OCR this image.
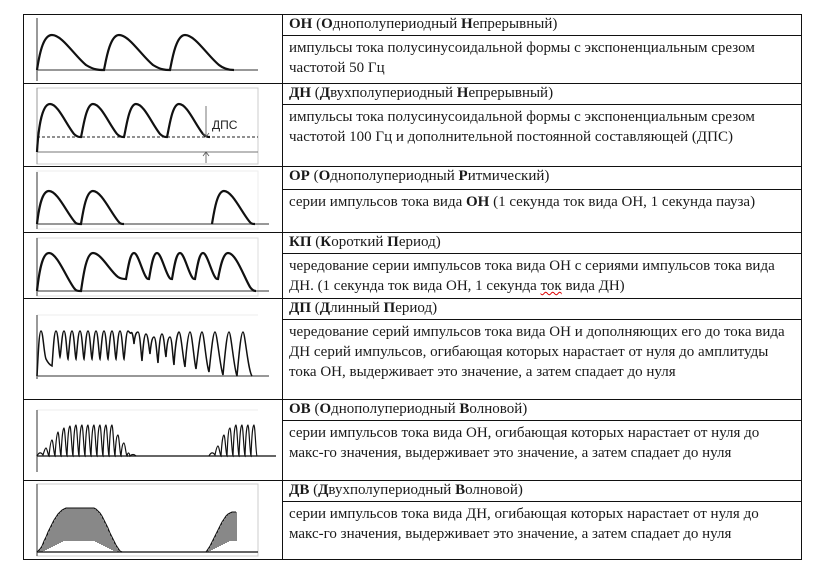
ОН (Однополупериодный Непрерывный)
импульсы тока полусинусоидальной формы с экспоненциальным срезом частотой 50 Гц
ДПС
ДН (Двухполупериодный Непрерывный)
импульсы тока полусинусоидальной формы с экспоненциальным срезом частотой 100 Гц и дополнительной постоянной составляющей (ДПС)
ОР (Однополупериодный Ритмический)
серии импульсов тока вида ОН (1 секунда ток вида ОН, 1 секунда пауза)
КП (Короткий Период)
чередование серии импульсов тока вида ОН с сериями импульсов тока вида ДН. (1 секунда ток вида ОН, 1 секунда ток вида ДН)
ДП (Длинный Период)
чередование серий импульсов тока вида ОН и дополняющих его до тока вида ДН серий импульсов, огибающая которых нарастает от нуля до амплитуды тока ОН, выдерживает это значение, а затем спадает до нуля
ОВ (Однополупериодный Волновой)
серии импульсов тока вида ОН, огибающая которых нарастает от нуля до макс-го значения, выдерживает это значение, а затем спадает до нуля
ДВ (Двухполупериодный Волновой)
серии импульсов тока вида ДН, огибающая которых нарастает от нуля до макс-го значения, выдерживает это значение, а затем спадает до нуля
